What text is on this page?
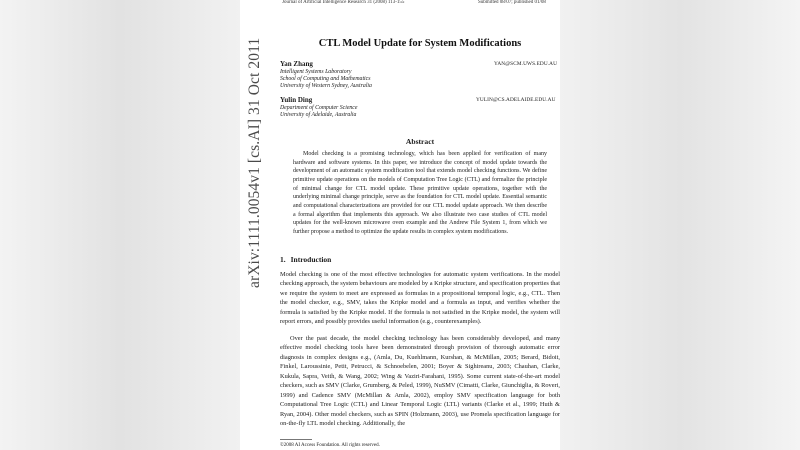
arXiv:1111.0054v1 [cs.AI] 31 Oct 2011
Journal of Artificial Intelligence Research 31 (2008) 113-155	Submitted 08/07; published 01/08
CTL Model Update for System Modifications
Yan Zhang	YAN@SCM.UWS.EDU.AU
Intelligent Systems Laboratory
School of Computing and Mathematics
University of Western Sydney, Australia
Yulin Ding	YULIN@CS.ADELAIDE.EDU.AU
Department of Computer Science
University of Adelaide, Australia
Abstract
Model checking is a promising technology, which has been applied for verification of many hardware and software systems. In this paper, we introduce the concept of model update towards the development of an automatic system modification tool that extends model checking functions. We define primitive update operations on the models of Computation Tree Logic (CTL) and formalize the principle of minimal change for CTL model update. These primitive update operations, together with the underlying minimal change principle, serve as the foundation for CTL model update. Essential semantic and computational characterizations are provided for our CTL model update approach. We then describe a formal algorithm that implements this approach. We also illustrate two case studies of CTL model updates for the well-known microwave oven example and the Andrew File System 1, from which we further propose a method to optimize the update results in complex system modifications.
1. Introduction

Model checking is one of the most effective technologies for automatic system verifications. In the model checking approach, the system behaviours are modeled by a Kripke structure, and specification properties that we require the system to meet are expressed as formulas in a propositional temporal logic, e.g., CTL. Then the model checker, e.g., SMV, takes the Kripke model and a formula as input, and verifies whether the formula is satisfied by the Kripke model. If the formula is not satisfied in the Kripke model, the system will report errors, and possibly provides useful information (e.g., counterexamples).

Over the past decade, the model checking technology has been considerably developed, and many effective model checking tools have been demonstrated through provision of thorough automatic error diagnosis in complex designs e.g., (Amla, Du, Kuehlmann, Kurshan, & McMillan, 2005; Berard, Bidoit, Finkel, Laroussinie, Petit, Petrucci, & Schnoebelen, 2001; Boyer & Sighireanu, 2003; Chauhan, Clarke, Kukula, Sapra, Veith, & Wang, 2002; Wing & Vaziri-Farahani, 1995). Some current state-of-the-art model checkers, such as SMV (Clarke, Grumberg, & Peled, 1999), NuSMV (Cimatti, Clarke, Giunchiglia, & Roveri, 1999) and Cadence SMV (McMillan & Amla, 2002), employ SMV specification language for both Computational Tree Logic (CTL) and Linear Temporal Logic (LTL) variants (Clarke et al., 1999; Huth & Ryan, 2004). Other model checkers, such as SPIN (Holzmann, 2003), use Promela specification language for on-the-fly LTL model checking. Additionally, the

©2008 AI Access Foundation. All rights reserved.
